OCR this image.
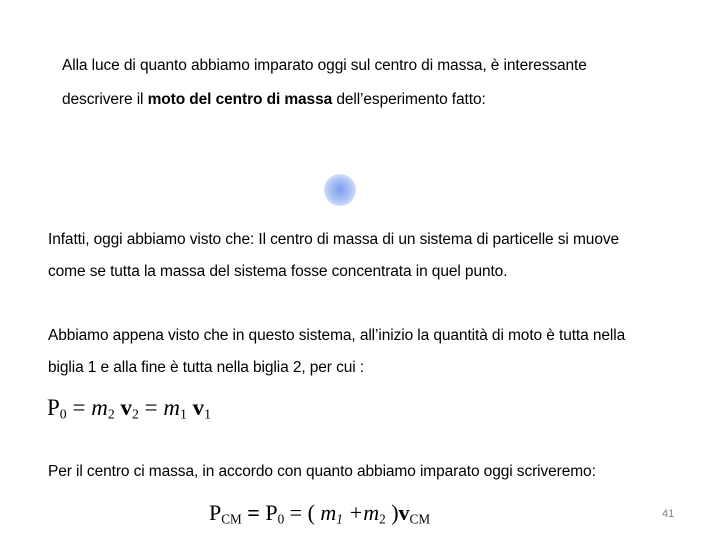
Alla luce di quanto abbiamo imparato oggi sul centro di massa, è interessante
descrivere il moto del centro di massa dell’esperimento fatto:
Infatti, oggi abbiamo visto che: Il centro di massa di un sistema di particelle si muove
come se tutta la massa del sistema fosse concentrata in quel punto.
Abbiamo appena visto che in questo sistema, all’inizio la quantità di moto è tutta nella
biglia 1 e alla fine è tutta nella biglia 2, per cui :
$P_0 = m_2$ $v_2 = m_1$ $v_1$
Per il centro ci massa, in accordo con quanto abbiamo imparato oggi scriveremo:
$P_{CM} = P_0$ = ( $m_1 +m_2$ )$v_{CM}$	41
